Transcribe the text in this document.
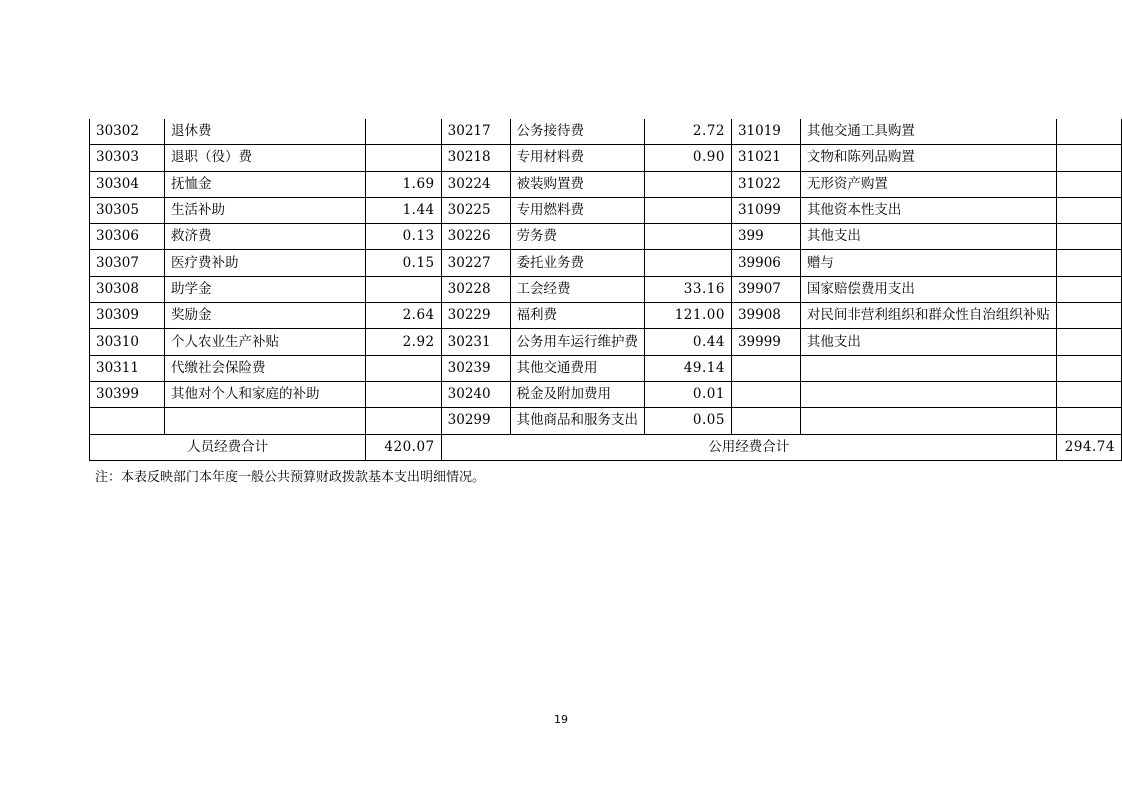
30302	退休费		30217	公务接待费	2.72	31019	其他交通工具购置	
30303	退职（役）费		30218	专用材料费	0.90	31021	文物和陈列品购置	
30304	抚恤金	1.69	30224	被装购置费		31022	无形资产购置	
30305	生活补助	1.44	30225	专用燃料费		31099	其他资本性支出	
30306	救济费	0.13	30226	劳务费		399	其他支出	
30307	医疗费补助	0.15	30227	委托业务费		39906	赠与	
30308	助学金		30228	工会经费	33.16	39907	国家赔偿费用支出	
30309	奖励金	2.64	30229	福利费	121.00	39908	对民间非营利组织和群众性自治组织补贴	
30310	个人农业生产补贴	2.92	30231	公务用车运行维护费	0.44	39999	其他支出	
30311	代缴社会保险费		30239	其他交通费用	49.14			
30399	其他对个人和家庭的补助		30240	税金及附加费用	0.01			
			30299	其他商品和服务支出	0.05			
人员经费合计		420.07	公用经费合计					294.74
注：本表反映部门本年度一般公共预算财政拨款基本支出明细情况。
19
